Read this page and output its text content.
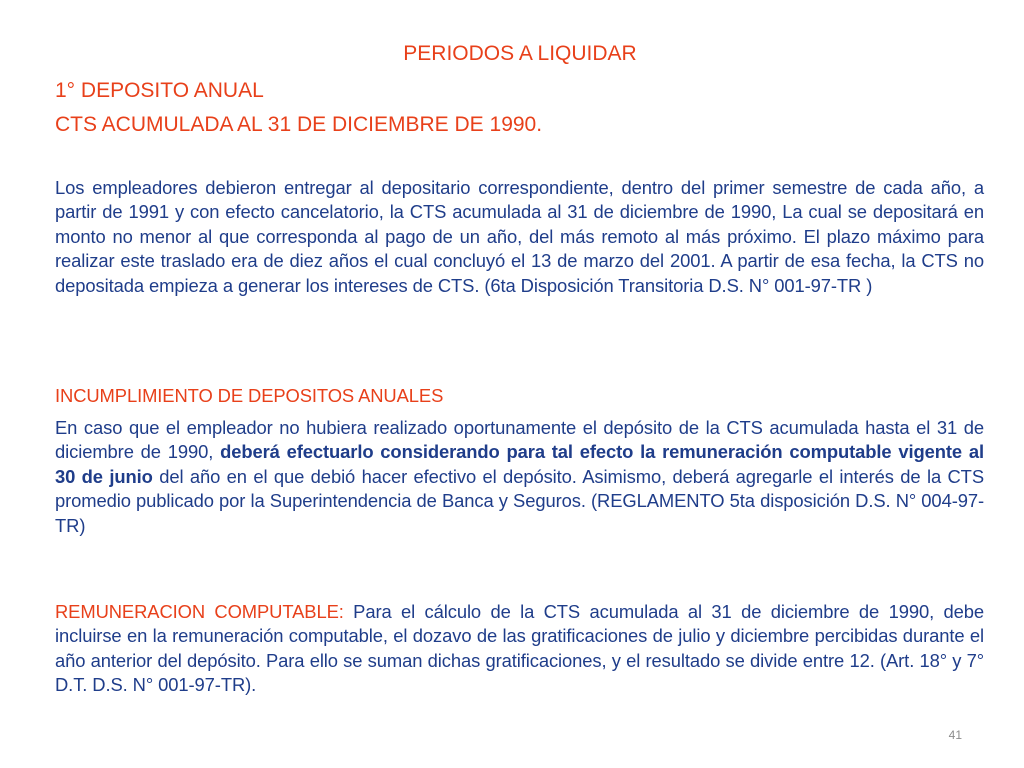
PERIODOS A LIQUIDAR
1° DEPOSITO ANUAL
CTS ACUMULADA AL 31 DE DICIEMBRE DE 1990.
Los empleadores debieron entregar al depositario correspondiente, dentro del primer semestre de cada año, a partir de 1991 y con efecto cancelatorio, la CTS acumulada al 31 de diciembre de 1990, La cual se depositará en monto no menor al que corresponda al pago de un año, del más remoto al más próximo. El plazo máximo para realizar este traslado era de diez años el cual concluyó el 13 de marzo del 2001. A partir de esa fecha, la CTS no depositada empieza a generar los intereses de CTS. (6ta Disposición Transitoria D.S. N° 001-97-TR )
INCUMPLIMIENTO DE DEPOSITOS ANUALES
En caso que el empleador no hubiera realizado oportunamente el depósito de la CTS acumulada hasta el 31 de diciembre de 1990, deberá efectuarlo considerando para tal efecto la remuneración computable vigente al 30 de junio del año en el que debió hacer efectivo el depósito. Asimismo, deberá agregarle el interés de la CTS promedio publicado por la Superintendencia de Banca y Seguros. (REGLAMENTO 5ta disposición D.S. N° 004-97-TR)
REMUNERACION COMPUTABLE: Para el cálculo de la CTS acumulada al 31 de diciembre de 1990, debe incluirse en la remuneración computable, el dozavo de las gratificaciones de julio y diciembre percibidas durante el año anterior del depósito. Para ello se suman dichas gratificaciones, y el resultado se divide entre 12. (Art. 18° y 7° D.T. D.S. N° 001-97-TR).
41
